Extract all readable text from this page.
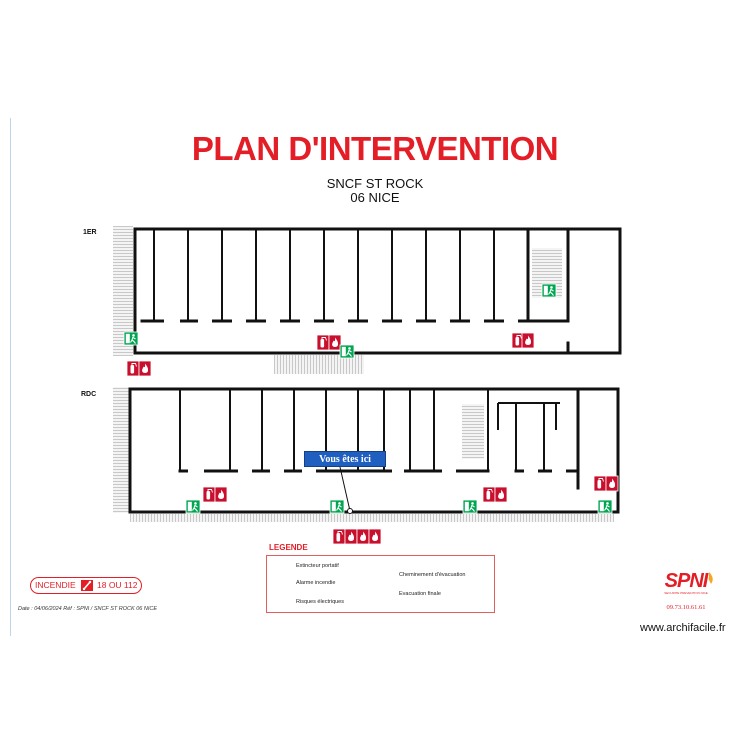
PLAN D'INTERVENTION
SNCF ST ROCK
06 NICE
1ER
RDC
Vous êtes ici
LEGENDE
Extincteur portatif
Alarme incendie
Risques électriques
Cheminement d'évacuation
Evacuation finale
INCENDIE	18 OU 112
Date : 04/06/2024 Réf : SPNI / SNCF ST ROCK 06 NICE
SPNI
SECURITE PREVENTION NICE
09.73.10.61.61
www.archifacile.fr
